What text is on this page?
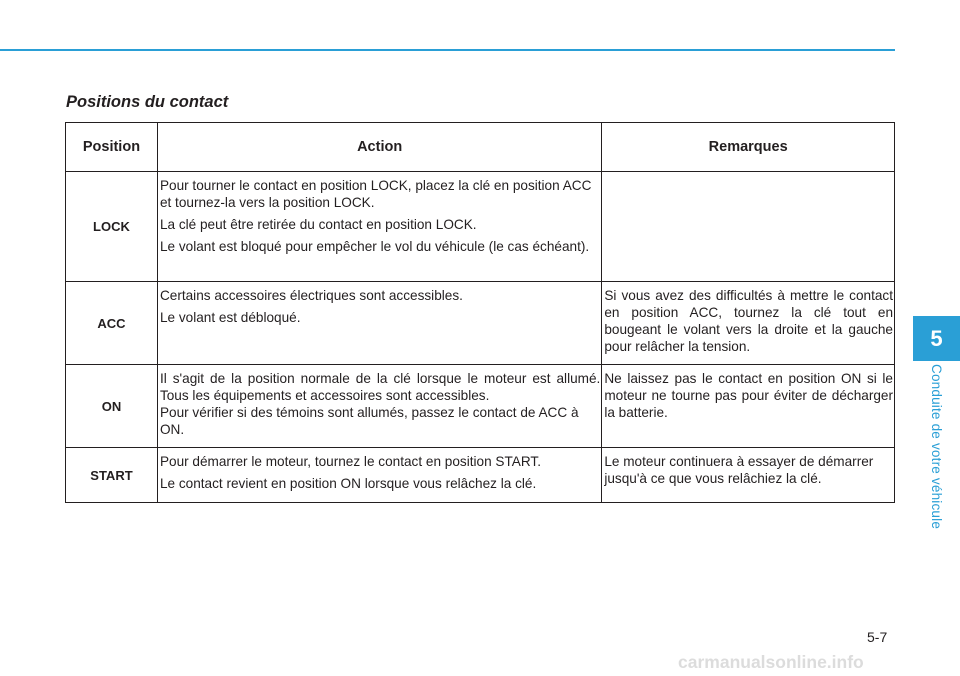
Positions du contact
Position	Action	Remarques
LOCK	Pour tourner le contact en position LOCK, placez la clé en position ACC et tournez-la vers la position LOCK.

La clé peut être retirée du contact en position LOCK.

Le volant est bloqué pour empêcher le vol du véhicule (le cas échéant).	

ACC	Certains accessoires électriques sont accessibles.

Le volant est débloqué.	Si vous avez des difficultés à mettre le contact en position ACC, tournez la clé tout en bougeant le volant vers la droite et la gauche pour relâcher la tension.
ON	Il s'agit de la position normale de la clé lorsque le moteur est allumé. Tous les équipements et accessoires sont accessibles.

Pour vérifier si des témoins sont allumés, passez le contact de ACC à ON.	Ne laissez pas le contact en position ON si le moteur ne tourne pas pour éviter de décharger la batterie.
START	Pour démarrer le moteur, tournez le contact en position START.

Le contact revient en position ON lorsque vous relâchez la clé.	Le moteur continuera à essayer de démarrer jusqu'à ce que vous relâchiez la clé.
5
Conduite de votre véhicule
5-7
carmanualsonline.info
